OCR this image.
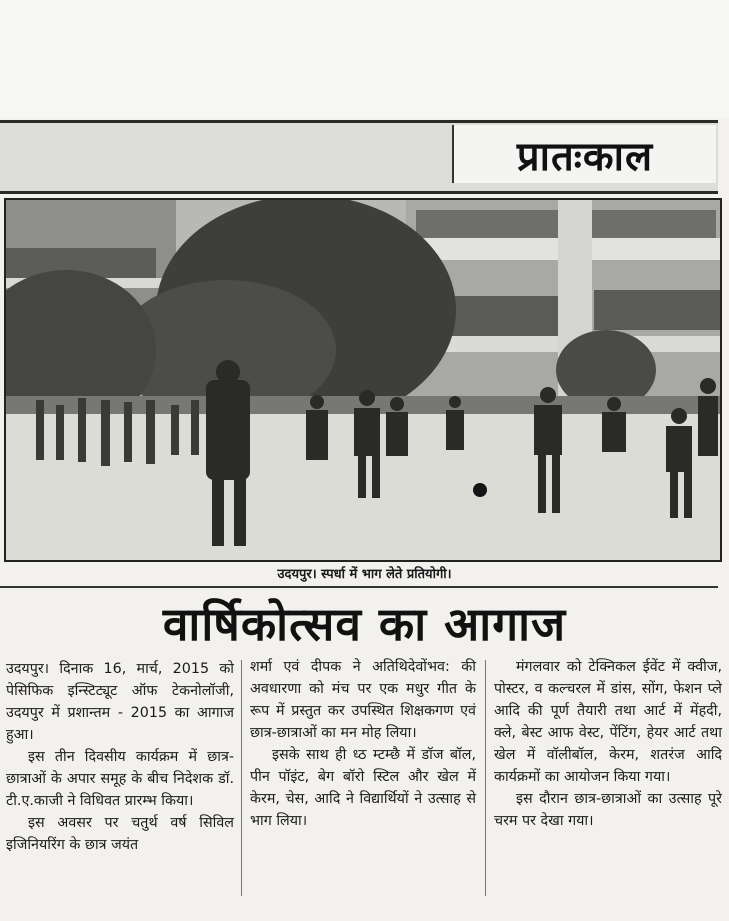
प्रातःकाल
उदयपुर। स्पर्धा में भाग लेते प्रतियोगी।
वार्षिकोत्सव का आगाज

उदयपुर। दिनाक 16, मार्च, 2015 को पेसिफिक इन्स्टिट्यूट ऑफ टेकनोलॉजी, उदयपुर में प्रशान्तम - 2015 का आगाज हुआ।

इस तीन दिवसीय कार्यक्रम में छात्र-छात्राओं के अपार समूह के बीच निदेशक डॉ. टी.ए.काजी ने विधिवत प्रारम्भ किया।

इस अवसर पर चतुर्थ वर्ष सिविल इजिनियरिंग के छात्र जयंत

शर्मा एवं दीपक ने अतिथिदेवोंभव: की अवधारणा को मंच पर एक मधुर गीत के रूप में प्रस्तुत कर उपस्थित शिक्षकगण एवं छात्र-छात्राओं का मन मोह लिया।

इसके साथ ही ध्ठ म्टम्छै में डॉज बॉल, पीन पॉइंट, बेग बॉरो स्टिल और खेल में केरम, चेस, आदि ने विद्यार्थियों ने उत्साह से भाग लिया।

मंगलवार को टेक्निकल ईवेंट में क्वीज, पोस्टर, व कल्चरल में डांस, सोंग, फेशन प्ले आदि की पूर्ण तैयारी तथा आर्ट में मेंहदी, क्ले, बेस्ट आफ वेस्ट, पेंटिंग, हेयर आर्ट तथा खेल में वॉलीबॉल, केरम, शतरंज आदि कार्यक्रमों का आयोजन किया गया।

इस दौरान छात्र-छात्राओं का उत्साह पूरे चरम पर देखा गया।
